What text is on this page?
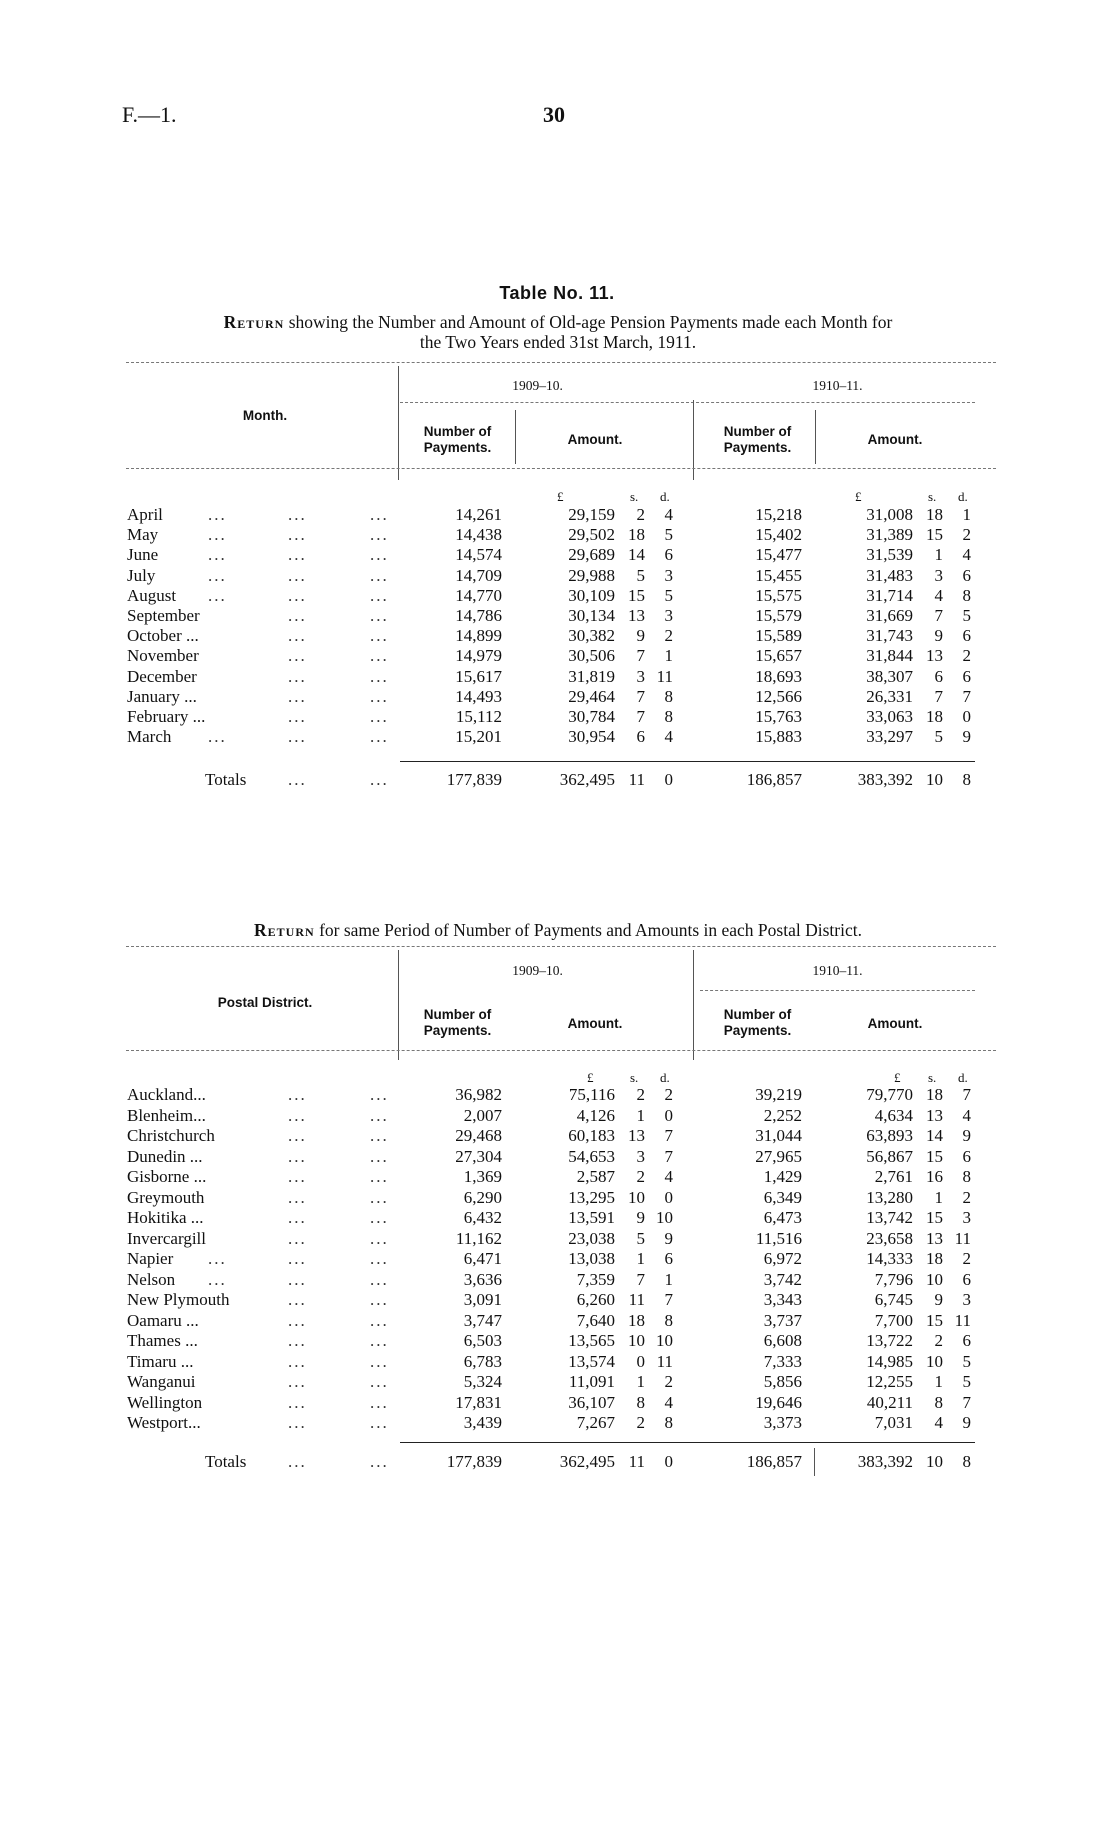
F.—1.	30
Table No. 11.
Return showing the Number and Amount of Old-age Pension Payments made each Month for
the Two Years ended 31st March, 1911.
1909–10.	1910–11.
Month.
Number of Payments.
Amount.
Number of Payments.
Amount.
£	s. d.	£	s. d.
April	...	...	...	14,261	29,159	2	4	15,218	31,008 18	1
May	...	...	...	14,438	29,502 18	5	15,402	31,389 15	2
June	...	...	...	14,574	29,689 14	6	15,477	31,539	1	4
July	...	...	...	14,709	29,988	5	3	15,455	31,483	3	6
August ...	...	...	14,770	30,109 15	5	15,575	31,714	4	8
September	...	...	14,786	30,134 13	3	15,579	31,669	7	5
October ...	...	...	14,899	30,382	9	2	15,589	31,743	9	6
November	...	...	14,979	30,506	7	1	15,657	31,844 13	2
December	...	...	15,617	31,819	3 11	18,693	38,307	6	6
January ...	...	...	14,493	29,464	7	8	12,566	26,331	7	7
February ...	...	...	15,112	30,784	7	8	15,763	33,063 18	0
March ...	...	...	15,201	30,954	6	4	15,883	33,297	5	9
Totals ...	...	177,839	362,495 11	0	186,857	383,392 10	8
Return for same Period of Number of Payments and Amounts in each Postal District.
1909–10.	1910–11.
Postal District.
Number of Payments.	Amount.
Number of Payments.	Amount.
£	s. d.	£ s. d.
Auckland...	...	...	36,982	75,116	2	2	39,219	79,770 18	7
Blenheim...	...	...	2,007	4,126	1	0	2,252	4,634 13	4
Christchurch	...	...	29,468	60,183 13	7	31,044	63,893 14	9
Dunedin ...	...	...	27,304	54,653	3	7	27,965	56,867 15	6
Gisborne ...	...	...	1,369	2,587	2	4	1,429	2,761 16	8
Greymouth	...	...	6,290	13,295 10	0	6,349	13,280	1	2
Hokitika ...	...	...	6,432	13,591	9 10	6,473	13,742 15	3
Invercargill	...	...	11,162	23,038	5	9	11,516	23,658 13 11
Napier ...	...	...	6,471	13,038	1	6	6,972	14,333 18	2
Nelson ...	...	...	3,636	7,359	7	1	3,742	7,796 10	6
New Plymouth	...	...	3,091	6,260 11	7	3,343	6,745	9	3
Oamaru ...	...	...	3,747	7,640 18	8	3,737	7,700 15 11
Thames ...	...	...	6,503	13,565 10 10	6,608	13,722	2	6
Timaru ...	...	...	6,783	13,574	0 11	7,333	14,985 10	5
Wanganui	...	...	5,324	11,091	1	2	5,856	12,255	1	5
Wellington	...	...	17,831	36,107	8	4	19,646	40,211	8	7
Westport...	...	...	3,439	7,267	2	8	3,373	7,031	4	9
Totals ...	...	177,839	362,495 11	0	186,857	383,392 10	8
